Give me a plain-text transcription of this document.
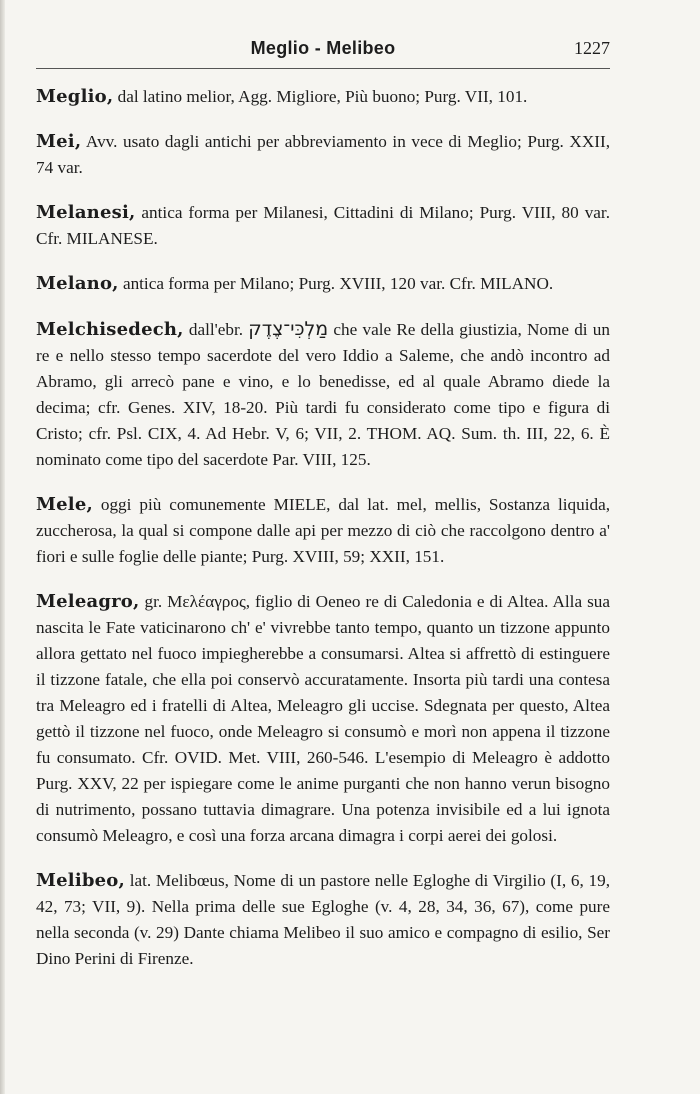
Meglio - Melibeo	1227

Meglio, dal latino melior, Agg. Migliore, Più buono; Purg. VII, 101.

Mei, Avv. usato dagli antichi per abbreviamento in vece di Meglio; Purg. XXII, 74 var.

Melanesi, antica forma per Milanesi, Cittadini di Milano; Purg. VIII, 80 var. Cfr. MILANESE.

Melano, antica forma per Milano; Purg. XVIII, 120 var. Cfr. MILANO.

Melchisedech, dall'ebr. מַלְכִּי־צֶדֶק che vale Re della giustizia, Nome di un re e nello stesso tempo sacerdote del vero Iddio a Saleme, che andò incontro ad Abramo, gli arrecò pane e vino, e lo benedisse, ed al quale Abramo diede la decima; cfr. Genes. XIV, 18-20. Più tardi fu considerato come tipo e figura di Cristo; cfr. Psl. CIX, 4. Ad Hebr. V, 6; VII, 2. THOM. AQ. Sum. th. III, 22, 6. È nominato come tipo del sacerdote Par. VIII, 125.

Mele, oggi più comunemente MIELE, dal lat. mel, mellis, Sostanza liquida, zuccherosa, la qual si compone dalle api per mezzo di ciò che raccolgono dentro a' fiori e sulle foglie delle piante; Purg. XVIII, 59; XXII, 151.

Meleagro, gr. Μελέαγρος, figlio di Oeneo re di Caledonia e di Altea. Alla sua nascita le Fate vaticinarono ch' e' vivrebbe tanto tempo, quanto un tizzone appunto allora gettato nel fuoco impiegherebbe a consumarsi. Altea si affrettò di estinguere il tizzone fatale, che ella poi conservò accuratamente. Insorta più tardi una contesa tra Meleagro ed i fratelli di Altea, Meleagro gli uccise. Sdegnata per questo, Altea gettò il tizzone nel fuoco, onde Meleagro si consumò e morì non appena il tizzone fu consumato. Cfr. OVID. Met. VIII, 260-546. L'esempio di Meleagro è addotto Purg. XXV, 22 per ispiegare come le anime purganti che non hanno verun bisogno di nutrimento, possano tuttavia dimagrare. Una potenza invisibile ed a lui ignota consumò Meleagro, e così una forza arcana dimagra i corpi aerei dei golosi.

Melibeo, lat. Melibœus, Nome di un pastore nelle Egloghe di Virgilio (I, 6, 19, 42, 73; VII, 9). Nella prima delle sue Egloghe (v. 4, 28, 34, 36, 67), come pure nella seconda (v. 29) Dante chiama Melibeo il suo amico e compagno di esilio, Ser Dino Perini di Firenze.
